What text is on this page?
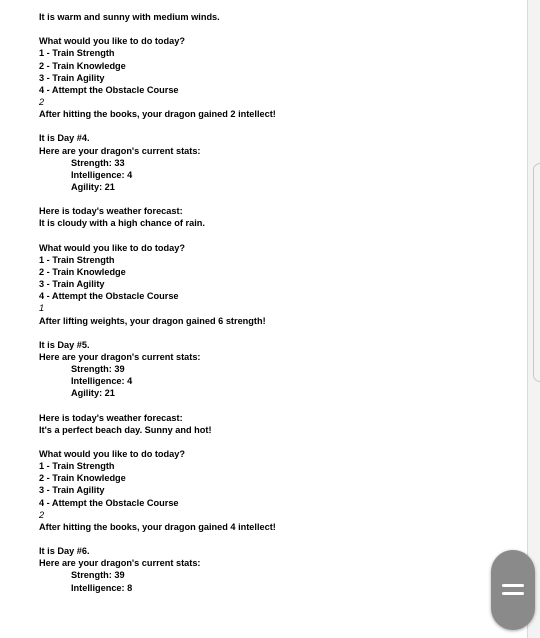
It is warm and sunny with medium winds.
What would you like to do today?
1 - Train Strength
2 - Train Knowledge
3 - Train Agility
4 - Attempt the Obstacle Course
2
After hitting the books, your dragon gained 2 intellect!
It is Day #4.
Here are your dragon's current stats:
Strength: 33
Intelligence: 4
Agility: 21
Here is today's weather forecast:
It is cloudy with a high chance of rain.
What would you like to do today?
1 - Train Strength
2 - Train Knowledge
3 - Train Agility
4 - Attempt the Obstacle Course
1
After lifting weights, your dragon gained 6 strength!
It is Day #5.
Here are your dragon's current stats:
Strength: 39
Intelligence: 4
Agility: 21
Here is today's weather forecast:
It's a perfect beach day. Sunny and hot!
What would you like to do today?
1 - Train Strength
2 - Train Knowledge
3 - Train Agility
4 - Attempt the Obstacle Course
2
After hitting the books, your dragon gained 4 intellect!
It is Day #6.
Here are your dragon's current stats:
Strength: 39
Intelligence: 8
